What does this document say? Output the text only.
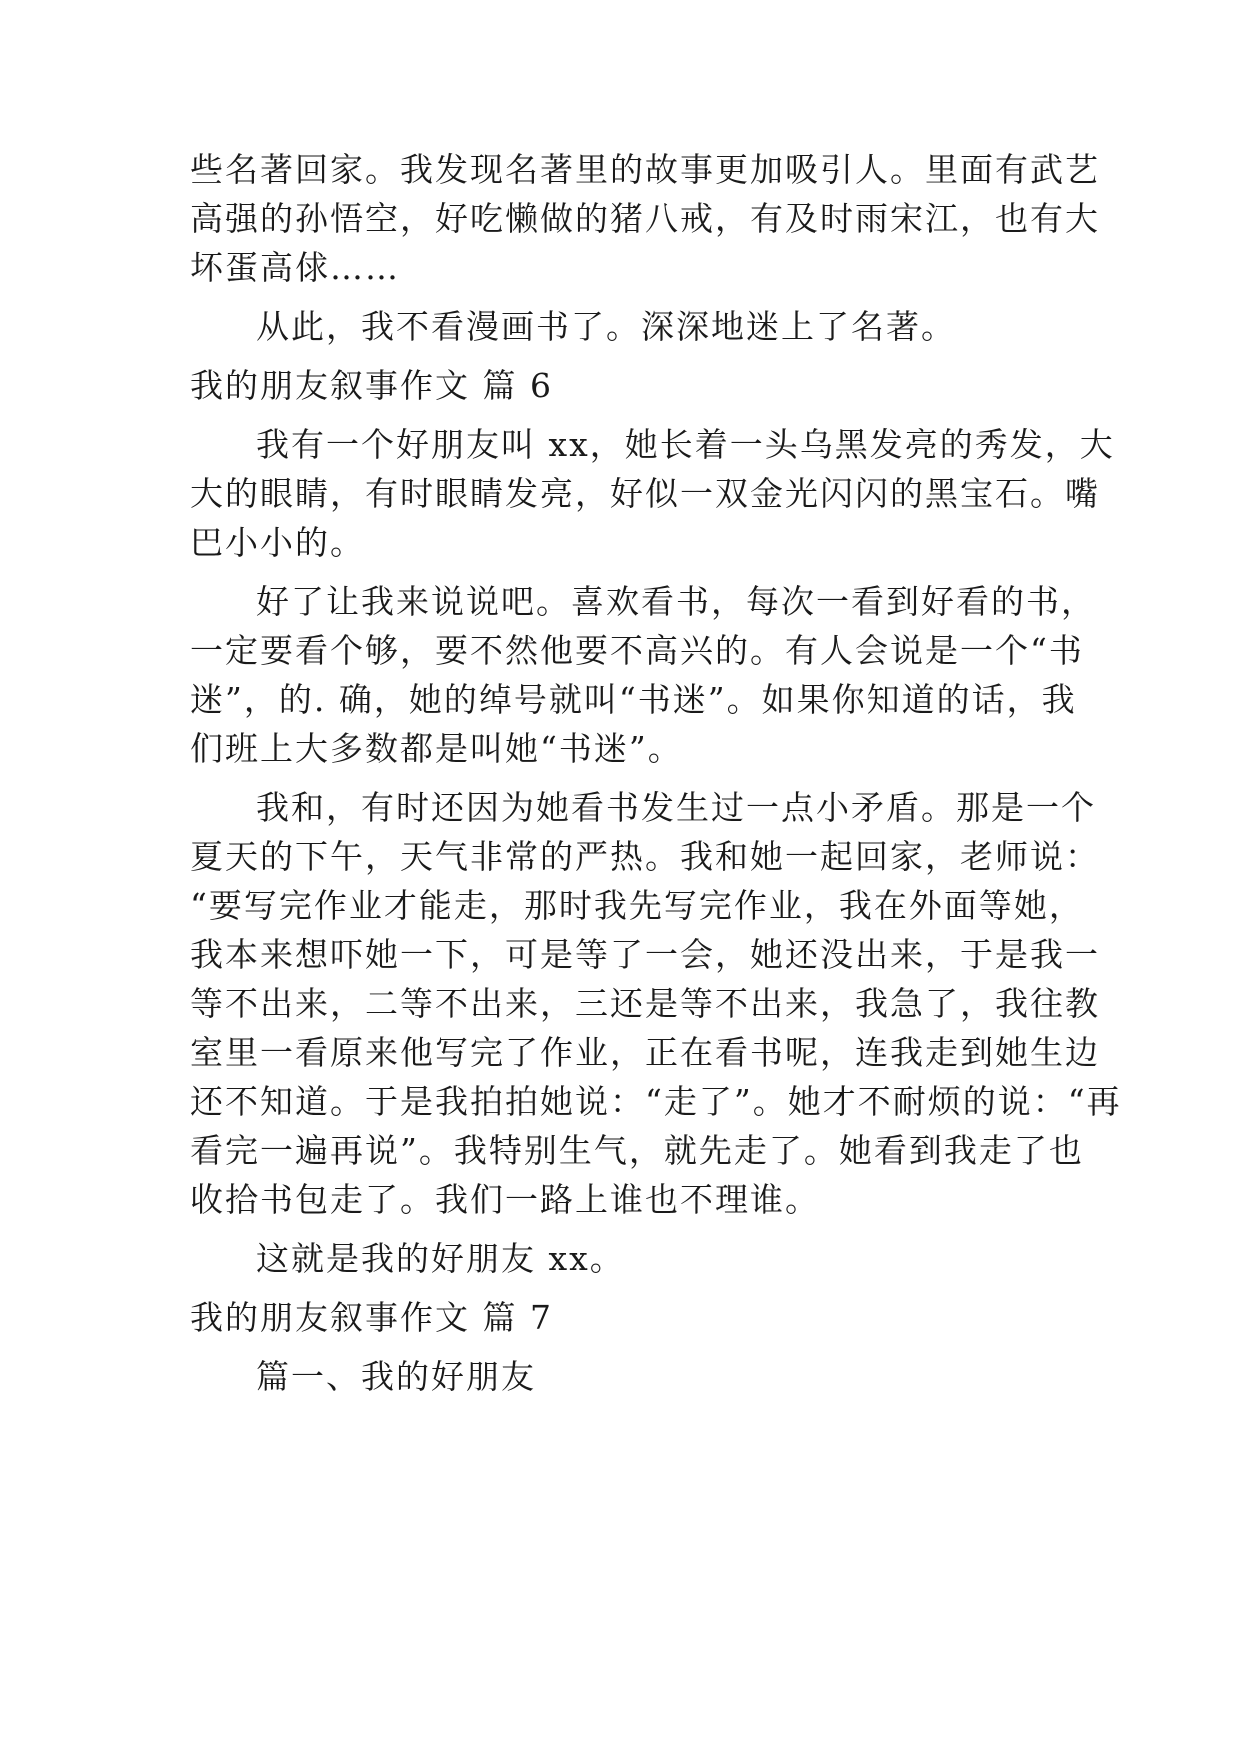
些名著回家。我发现名著里的故事更加吸引人。里面有武艺
高强的孙悟空，好吃懒做的猪八戒，有及时雨宋江，也有大
坏蛋高俅……
从此，我不看漫画书了。深深地迷上了名著。
我的朋友叙事作文 篇 6
我有一个好朋友叫 xx，她长着一头乌黑发亮的秀发，大
大的眼睛，有时眼睛发亮，好似一双金光闪闪的黑宝石。嘴
巴小小的。
好了让我来说说吧。喜欢看书，每次一看到好看的书，
一定要看个够，要不然他要不高兴的。有人会说是一个“书
迷”，的. 确，她的绰号就叫“书迷”。如果你知道的话，我
们班上大多数都是叫她“书迷”。
我和，有时还因为她看书发生过一点小矛盾。那是一个
夏天的下午，天气非常的严热。我和她一起回家，老师说：
“要写完作业才能走，那时我先写完作业，我在外面等她，
我本来想吓她一下，可是等了一会，她还没出来，于是我一
等不出来，二等不出来，三还是等不出来，我急了，我往教
室里一看原来他写完了作业，正在看书呢，连我走到她生边
还不知道。于是我拍拍她说：“走了”。她才不耐烦的说：“再
看完一遍再说”。我特别生气，就先走了。她看到我走了也
收拾书包走了。我们一路上谁也不理谁。
这就是我的好朋友 xx。
我的朋友叙事作文 篇 7
篇一、我的好朋友
